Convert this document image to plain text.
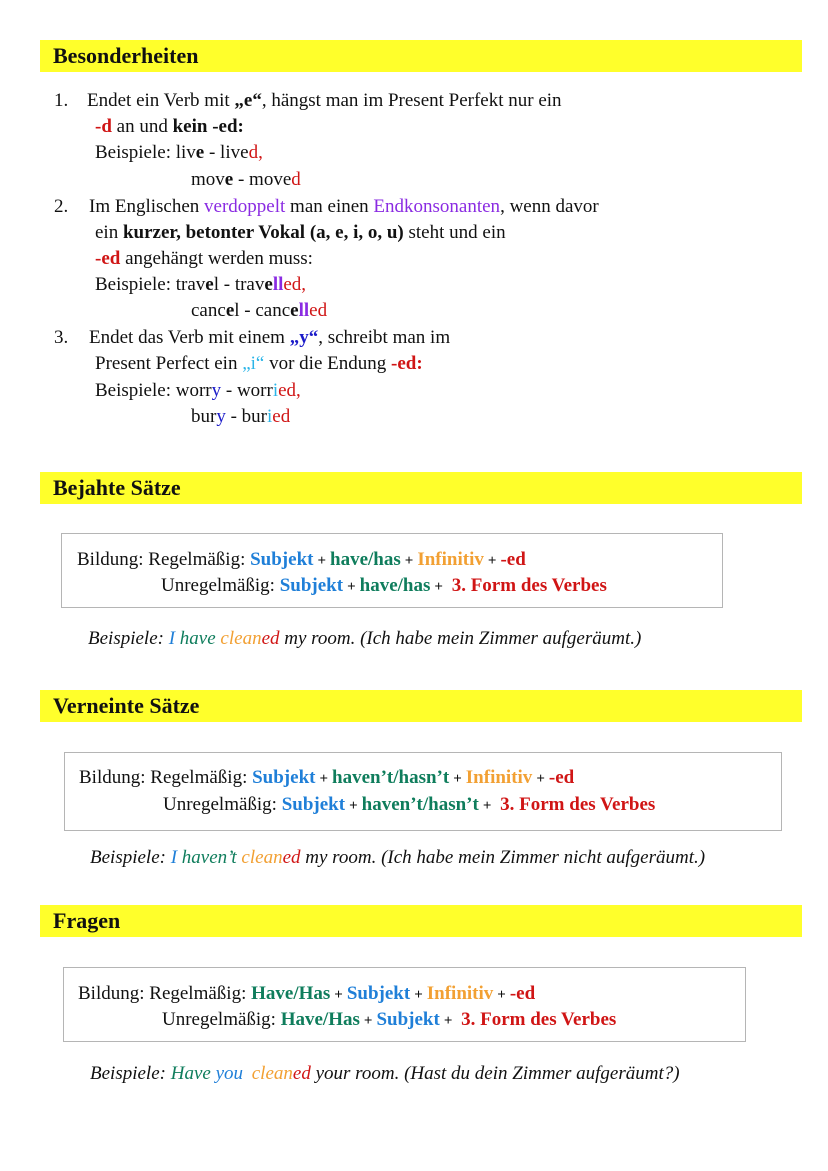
Besonderheiten
1. Endet ein Verb mit „e“, hängst man im Present Perfekt nur ein
-d an und kein -ed:
Beispiele: live - lived,
move - moved
2. Im Englischen verdoppelt man einen Endkonsonanten, wenn davor
ein kurzer, betonter Vokal (a, e, i, o, u) steht und ein
-ed angehängt werden muss:
Beispiele: travel - travelled,
cancel - cancelled
3. Endet das Verb mit einem „y“, schreibt man im
Present Perfect ein „i“ vor die Endung -ed:
Beispiele: worry - worried,
bury - buried
Bejahte Sätze
Bildung: Regelmäßig: Subjekt + have/has + Infinitiv + -ed
Unregelmäßig: Subjekt + have/has + 3. Form des Verbes
Beispiele: I have cleaned my room. (Ich habe mein Zimmer aufgeräumt.)
Verneinte Sätze
Bildung: Regelmäßig: Subjekt + haven’t/hasn’t + Infinitiv + -ed
Unregelmäßig: Subjekt + haven’t/hasn’t + 3. Form des Verbes
Beispiele: I haven’t cleaned my room. (Ich habe mein Zimmer nicht aufgeräumt.)
Fragen
Bildung: Regelmäßig: Have/Has + Subjekt + Infinitiv + -ed
Unregelmäßig: Have/Has + Subjekt + 3. Form des Verbes
Beispiele: Have you cleaned your room. (Hast du dein Zimmer aufgeräumt?)
